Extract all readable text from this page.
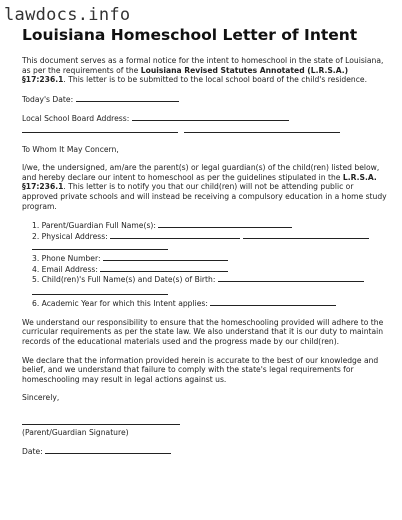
lawdocs.info
Louisiana Homeschool Letter of Intent

This document serves as a formal notice for the intent to homeschool in the state of Louisiana, as per the requirements of the Louisiana Revised Statutes Annotated (L.R.S.A.) §17:236.1. This letter is to be submitted to the local school board of the child's residence.

Today's Date:
Local School Board Address:

To Whom It May Concern,

I/we, the undersigned, am/are the parent(s) or legal guardian(s) of the child(ren) listed below, and hereby declare our intent to homeschool as per the guidelines stipulated in the L.R.S.A. §17:236.1. This letter is to notify you that our child(ren) will not be attending public or approved private schools and will instead be receiving a compulsory education in a home study program.

1. Parent/Guardian Full Name(s):
2. Physical Address:
3. Phone Number:
4. Email Address:
5. Child(ren)'s Full Name(s) and Date(s) of Birth:
6. Academic Year for which this Intent applies:

We understand our responsibility to ensure that the homeschooling provided will adhere to the curricular requirements as per the state law. We also understand that it is our duty to maintain records of the educational materials used and the progress made by our child(ren).

We declare that the information provided herein is accurate to the best of our knowledge and belief, and we understand that failure to comply with the state's legal requirements for homeschooling may result in legal actions against us.

Sincerely,

(Parent/Guardian Signature)

Date:
